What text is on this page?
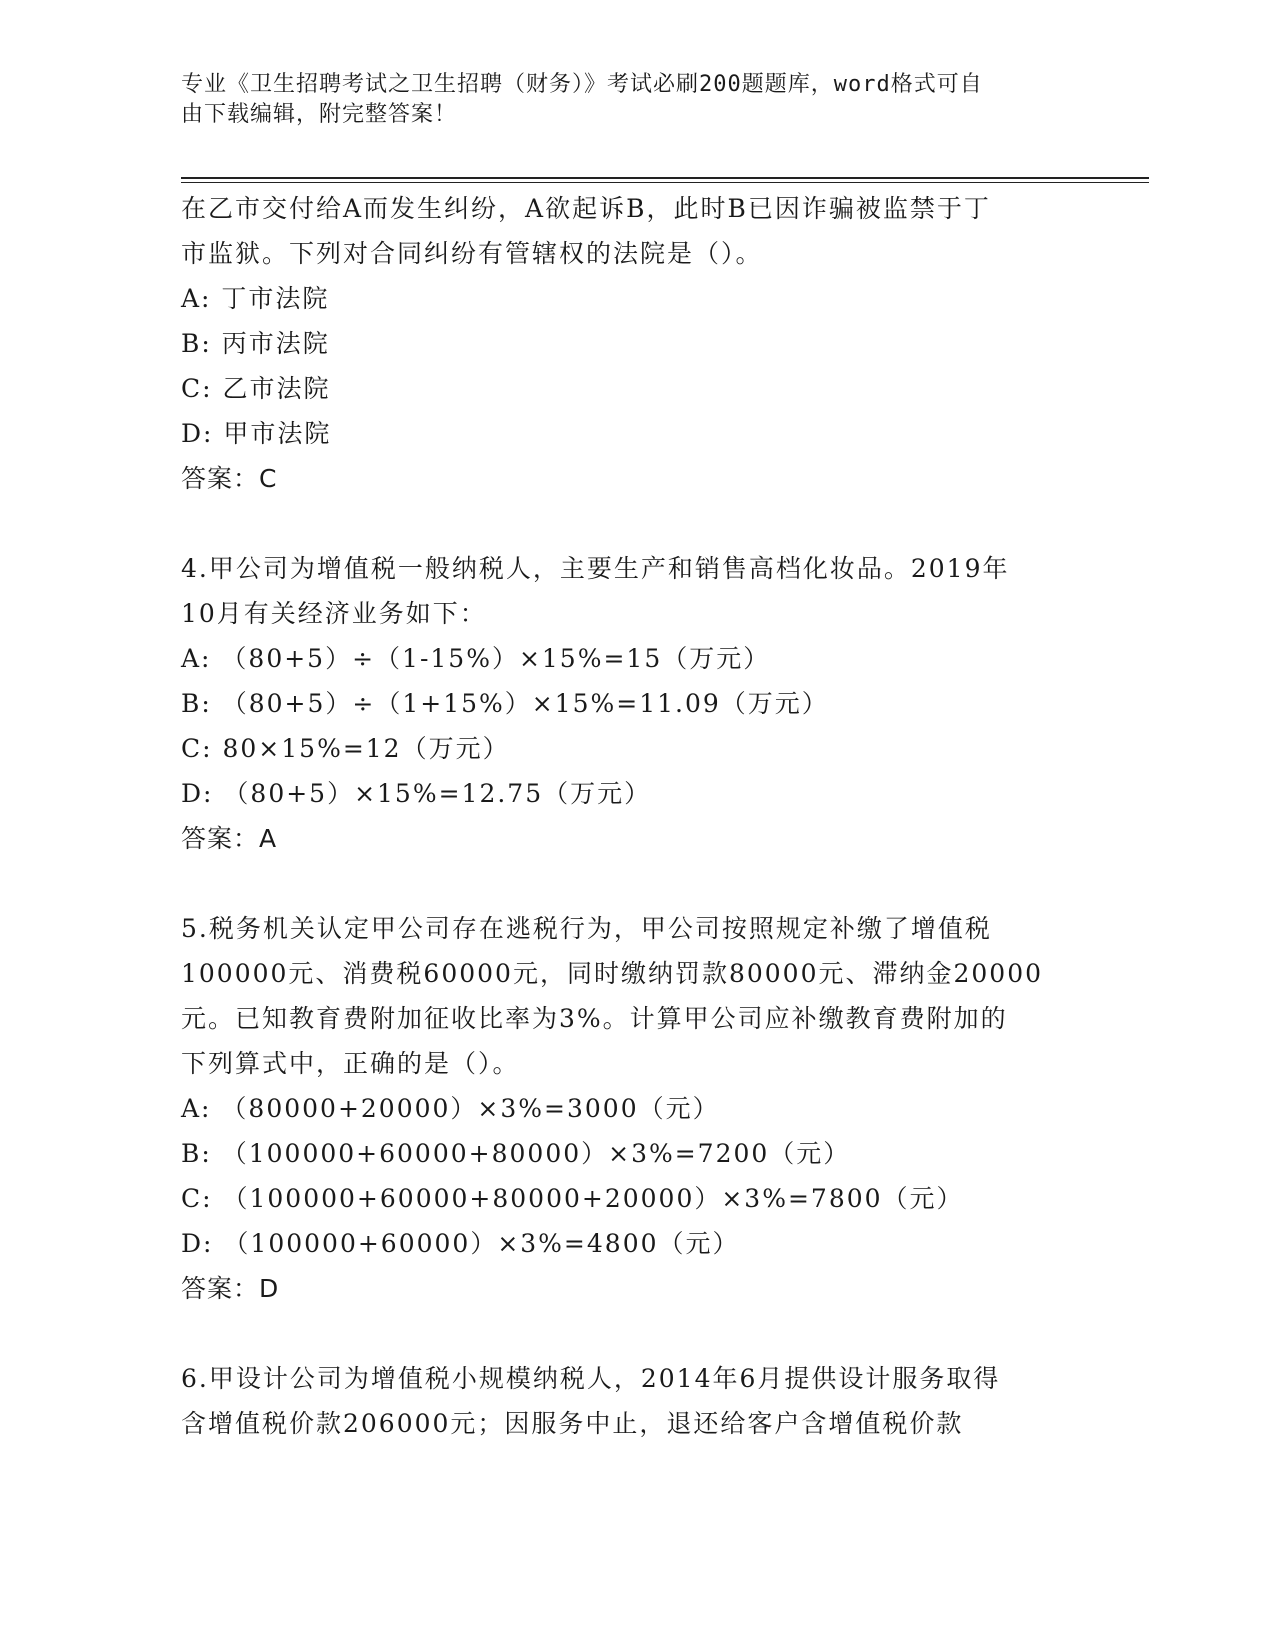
专业《卫生招聘考试之卫生招聘（财务）》考试必刷200题题库，word格式可自
由下载编辑，附完整答案！
在乙市交付给A而发生纠纷，A欲起诉B，此时B已因诈骗被监禁于丁
市监狱。下列对合同纠纷有管辖权的法院是（）。
A: 丁市法院
B: 丙市法院
C: 乙市法院
D: 甲市法院
答案：C
4.甲公司为增值税一般纳税人，主要生产和销售高档化妆品。2019年
10月有关经济业务如下：
A: （80+5）÷（1-15%）×15%=15（万元）
B: （80+5）÷（1+15%）×15%=11.09（万元）
C: 80×15%=12（万元）
D: （80+5）×15%=12.75（万元）
答案：A
5.税务机关认定甲公司存在逃税行为，甲公司按照规定补缴了增值税
100000元、消费税60000元，同时缴纳罚款80000元、滞纳金20000
元。已知教育费附加征收比率为3%。计算甲公司应补缴教育费附加的
下列算式中，正确的是（）。
A: （80000+20000）×3%=3000（元）
B: （100000+60000+80000）×3%=7200（元）
C: （100000+60000+80000+20000）×3%=7800（元）
D: （100000+60000）×3%=4800（元）
答案：D
6.甲设计公司为增值税小规模纳税人，2014年6月提供设计服务取得
含增值税价款206000元；因服务中止，退还给客户含增值税价款
